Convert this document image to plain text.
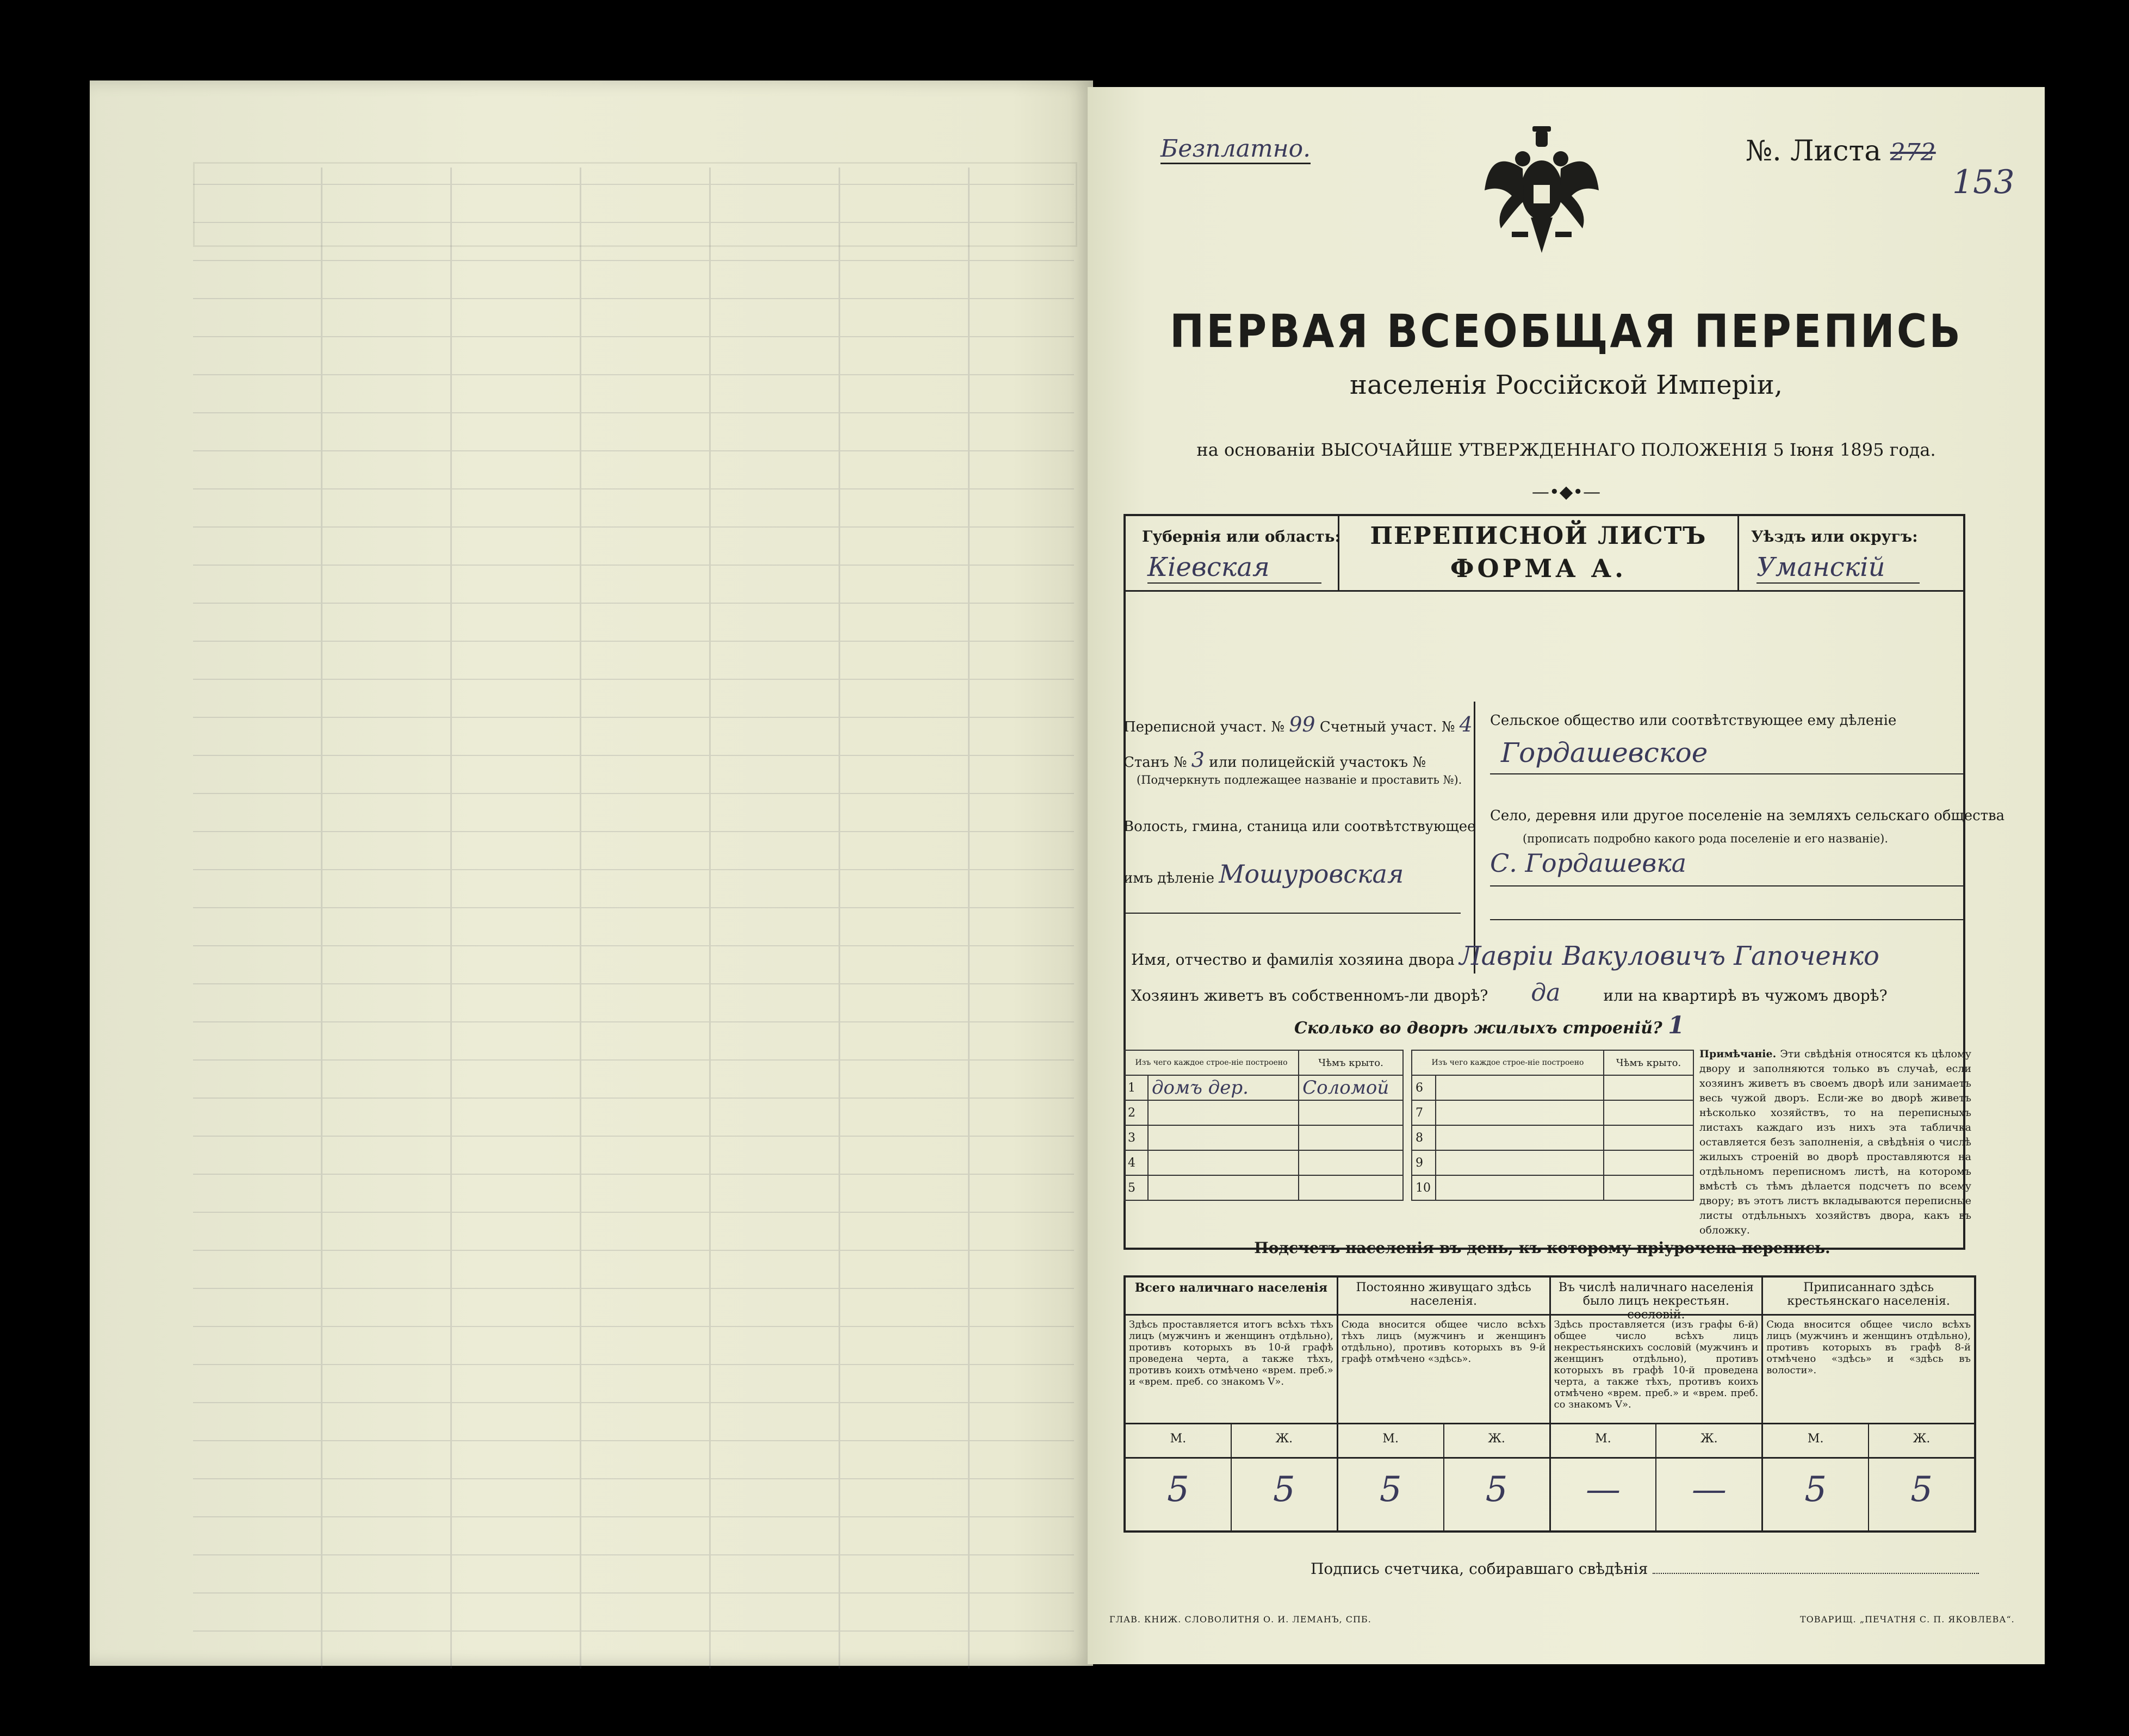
Безплатно.	№. Листа 272
153
ПЕРВАЯ ВСЕОБЩАЯ ПЕРЕПИСЬ
населенія Россійской Имперіи,
на основаніи ВЫСОЧАЙШЕ УТВЕРЖДЕННАГО ПОЛОЖЕНІЯ 5 Іюня 1895 года.
—•◆•—
Губернія или область:
Кіевская
ПЕРЕПИСНОЙ ЛИСТЪ
ФОРМА А.
Уѣздъ или округъ:
Уманскій
Переписной участ. № 99 Счетный участ. № 4
Станъ № 3 или полицейскій участокъ №
(Подчеркнуть подлежащее названіе и проставить №).
Волость, гмина, станица или соотвѣтствующее
имъ дѣленіе Мошуровская
Сельское общество или соотвѣтствующее ему дѣленіе
Гордашевское
Село, деревня или другое поселеніе на земляхъ сельскаго общества
(прописать подробно какого рода поселеніе и его названіе).
С. Гордашевка
Имя, отчество и фамилія хозяина двора Лавріи Вакуловичъ Гапоченко
Хозяинъ живетъ въ собственномъ-ли дворѣ? да	или на квартирѣ въ чужомъ дворѣ?
Сколько во дворѣ жилыхъ строеній? 1
Изъ чего каждое строе-ніе построено		Чѣмъ крыто.
1	домъ дер.	Соломой
2		
3		
4		
5		
Изъ чего каждое строе-ніе построено		Чѣмъ крыто.
6		
7		
8		
9		
10		
Примѣчаніе. Эти свѣдѣнія относятся къ цѣлому двору и заполняются только въ случаѣ, если хозяинъ живетъ въ своемъ дворѣ или занимаетъ весь чужой дворъ. Если-же во дворѣ живетъ нѣсколько хозяйствъ, то на переписныхъ листахъ каждаго изъ нихъ эта табличка оставляется безъ заполненія, а свѣдѣнія о числѣ жилыхъ строеній во дворѣ проставляются на отдѣльномъ переписномъ листѣ, на которомъ вмѣстѣ съ тѣмъ дѣлается подсчетъ по всему двору; въ этотъ листъ вкладываются переписные листы отдѣльныхъ хозяйствъ двора, какъ въ обложку.
Подсчетъ населенія въ день, къ которому пріурочена перепись.
Всего наличнаго населенія
Здѣсь проставляется итогъ всѣхъ тѣхъ лицъ (мужчинъ и женщинъ отдѣльно), противъ которыхъ въ 10-й графѣ проведена черта, а также тѣхъ, противъ коихъ отмѣчено «врем. преб.» и «врем. преб. со знакомъ V».
М.	Ж.
5	5
Постоянно живущаго здѣсь населенія.
Сюда вносится общее число всѣхъ тѣхъ лицъ (мужчинъ и женщинъ отдѣльно), противъ которыхъ въ 9-й графѣ отмѣчено «здѣсь».
М.	Ж.
5	5
Въ числѣ наличнаго населенія было лицъ некрестьян. сословій.
Здѣсь проставляется (изъ графы 6-й) общее число всѣхъ лицъ некрестьянскихъ сословій (мужчинъ и женщинъ отдѣльно), противъ которыхъ въ графѣ 10-й проведена черта, а также тѣхъ, противъ коихъ отмѣчено «врем. преб.» и «врем. преб. со знакомъ V».
М.	Ж.
—	—
Приписаннаго здѣсь крестьянскаго населенія.
Сюда вносится общее число всѣхъ лицъ (мужчинъ и женщинъ отдѣльно), противъ которыхъ въ графѣ 8-й отмѣчено «здѣсь» и «здѣсь въ волости».
М.	Ж.
5	5
Подпись счетчика, собиравшаго свѣдѣнія
ГЛАВ. КНИЖ. СЛОВОЛИТНЯ О. И. ЛЕМАНЪ, СПБ.	ТОВАРИЩ. „ПЕЧАТНЯ С. П. ЯКОВЛЕВА“.
